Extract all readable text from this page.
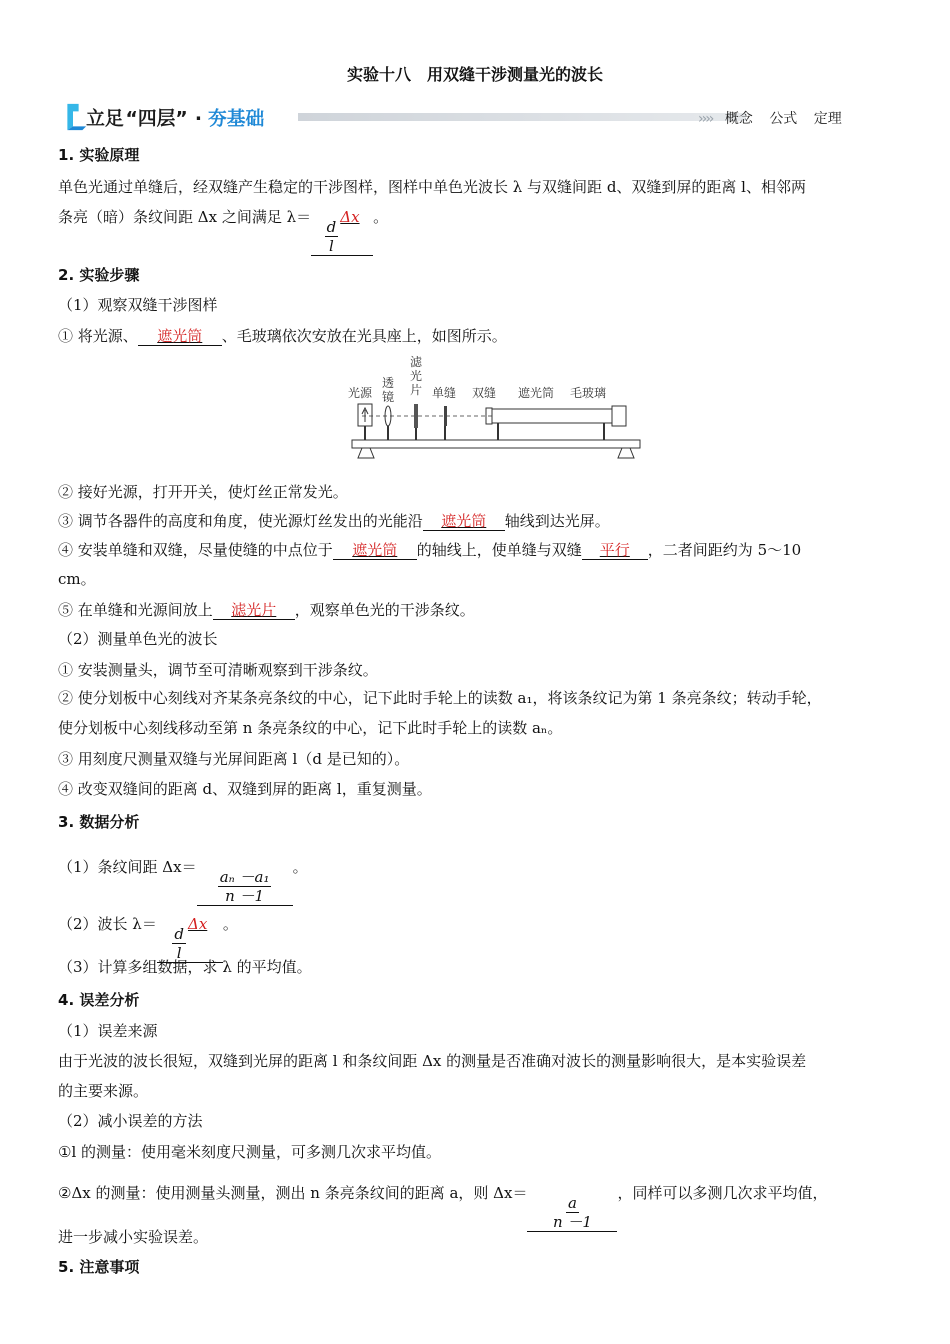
实验十八　用双缝干涉测量光的波长
立足 “四层” · 夯基础	›››› 概念 公式 定理
1. 实验原理
单色光通过单缝后，经双缝产生稳定的干涉图样，图样中单色光波长 λ 与双缝间距 d、双缝到屏的距离 l、相邻两
条亮（暗）条纹间距 Δx 之间满足 λ＝
$\frac{d}{l}$
Δx 。
2. 实验步骤
（1）观察双缝干涉图样
① 将光源、 遮光筒 、毛玻璃依次安放在光具座上，如图所示。
光源
透
镜
滤
光
片 单缝 双缝 遮光筒 毛玻璃
② 接好光源，打开开关，使灯丝正常发光。
③ 调节各器件的高度和角度，使光源灯丝发出的光能沿 遮光筒 轴线到达光屏。
④ 安装单缝和双缝，尽量使缝的中点位于 遮光筒 的轴线上，使单缝与双缝 平行 ，二者间距约为 5～10
cm。
⑤ 在单缝和光源间放上 滤光片 ，观察单色光的干涉条纹。
（2）测量单色光的波长
① 安装测量头，调节至可清晰观察到干涉条纹。
② 使分划板中心刻线对齐某条亮条纹的中心，记下此时手轮上的读数 a₁，将该条纹记为第 1 条亮条纹；转动手轮，
使分划板中心刻线移动至第 n 条亮条纹的中心，记下此时手轮上的读数 aₙ。
③ 用刻度尺测量双缝与光屏间距离 l（d 是已知的）。
④ 改变双缝间的距离 d、双缝到屏的距离 l，重复测量。
3. 数据分析
（1）条纹间距 Δx＝
$\frac{\text{aₙ －a₁}}{n -1}$
。
（2）波长 λ＝
$\frac{d}{l}$
Δx 。
（3）计算多组数据，求 λ 的平均值。
4. 误差分析
（1）误差来源
由于光波的波长很短，双缝到光屏的距离 l 和条纹间距 Δx 的测量是否准确对波长的测量影响很大，是本实验误差
的主要来源。
（2）减小误差的方法
①l 的测量：使用毫米刻度尺测量，可多测几次求平均值。
②Δx 的测量：使用测量头测量，测出 n 条亮条纹间的距离 a，则 Δx＝
$\frac{a}{n -1}$
，同样可以多测几次求平均值，
进一步减小实验误差。
5. 注意事项
